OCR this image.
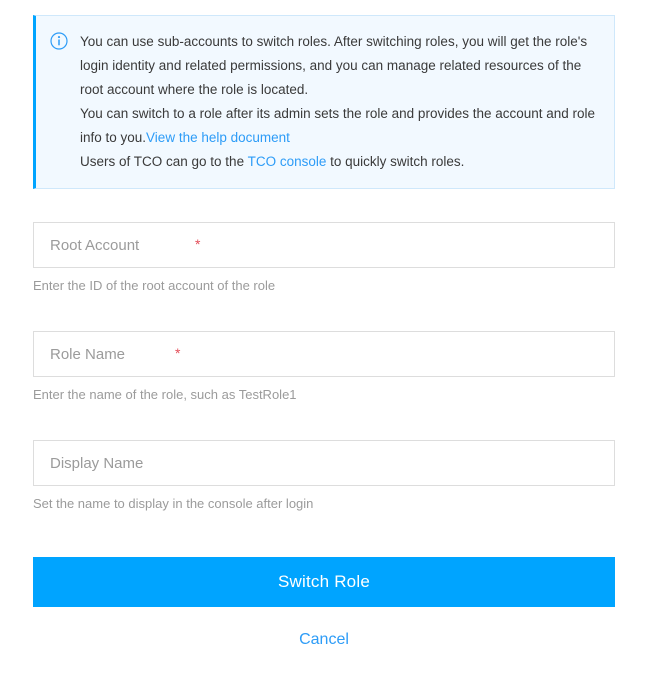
You can use sub-accounts to switch roles. After switching roles, you will get the role's login identity and related permissions, and you can manage related resources of the root account where the role is located.

You can switch to a role after its admin sets the role and provides the account and role info to you.View the help document

Users of TCO can go to the TCO console to quickly switch roles.

Root Account
*

Enter the ID of the root account of the role

Role Name
*

Enter the name of the role, such as TestRole1

Display Name

Set the name to display in the console after login

Switch Role
Cancel
